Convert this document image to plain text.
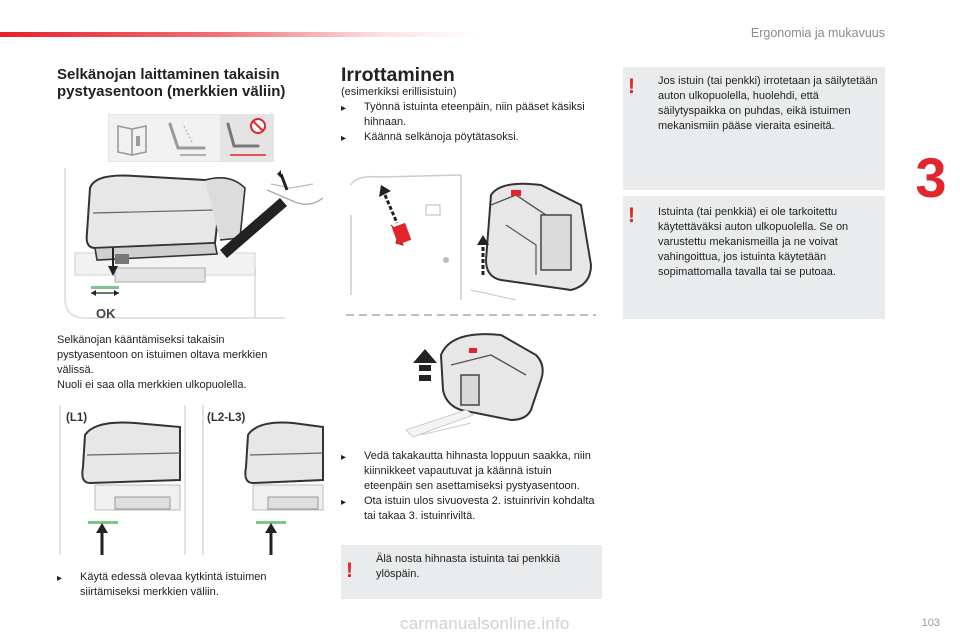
Ergonomia ja mukavuus
3
Selkänojan laittaminen takaisin pystyasentoon (merkkien väliin)
OK
Selkänojan kääntämiseksi takaisin
pystyasentoon on istuimen oltava merkkien
välissä.
Nuoli ei saa olla merkkien ulkopuolella.
(L1)	(L2-L3)
▸ Käytä edessä olevaa kytkintä istuimen siirtämiseksi merkkien väliin.
Irrottaminen
(esimerkiksi erillisistuin)
▸ Työnnä istuinta eteenpäin, niin pääset käsiksi hihnaan.
▸ Käännä selkänoja pöytätasoksi.
▸ Vedä takakautta hihnasta loppuun saakka, niin kiinnikkeet vapautuvat ja käännä istuin eteenpäin sen asettamiseksi pystyasentoon.
▸ Ota istuin ulos sivuovesta 2. istuinrivin kohdalta tai takaa 3. istuinriviltä.
! Älä nosta hihnasta istuinta tai penkkiä ylöspäin.
! Jos istuin (tai penkki) irrotetaan ja säilytetään auton ulkopuolella, huolehdi, että säilytyspaikka on puhdas, eikä istuimen mekanismiin pääse vieraita esineitä.
! Istuinta (tai penkkiä) ei ole tarkoitettu käytettäväksi auton ulkopuolella. Se on varustettu mekanismeilla ja ne voivat vahingoittua, jos istuinta käytetään sopimattomalla tavalla tai se putoaa.
carmanualsonline.info	103
